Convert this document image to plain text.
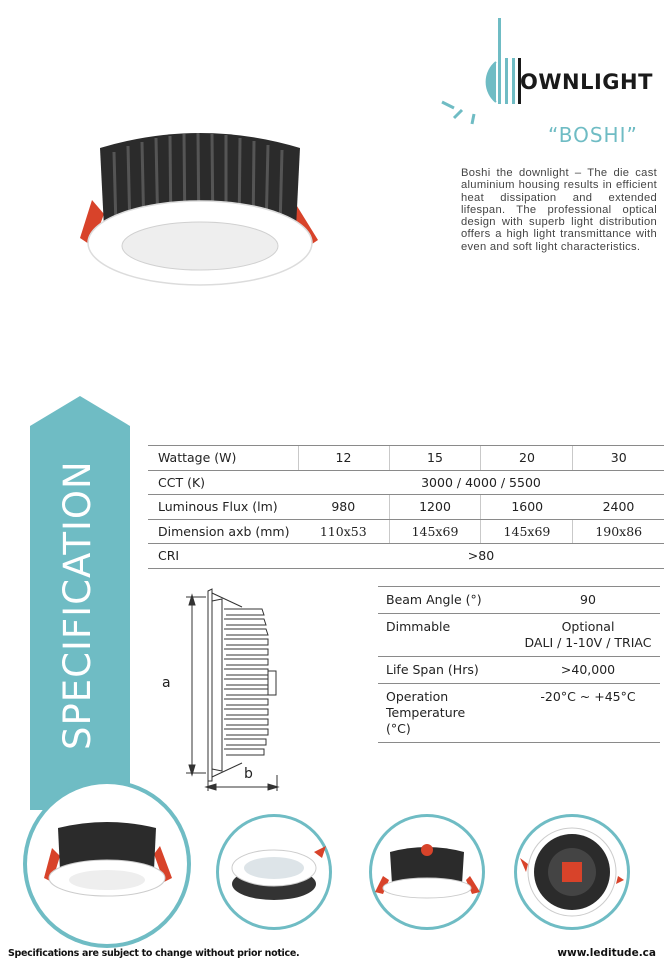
OWNLIGHT
“BOSHI”
Boshi the downlight – The die cast aluminium housing results in efficient heat dissipation and extended lifespan. The professional optical design with superb light distribution offers a high light transmittance with even and soft light characteristics.
SPECIFICATION
Wattage (W)	12	15	20	30
CCT (K)	3000 / 4000 / 5500			
Luminous Flux (lm)	980	1200	1600	2400
Dimension axb (mm)	110x53	145x69	145x69	190x86
CRI	>80			
a
b
Beam Angle (°)	90
Dimmable	Optional
DALI / 1-10V / TRIAC

Life Span (Hrs)	>40,000

Operation
Temperature
(°C)	-20°C ~ +45°C
Specifications are subject to change without prior notice.	www.leditude.ca
